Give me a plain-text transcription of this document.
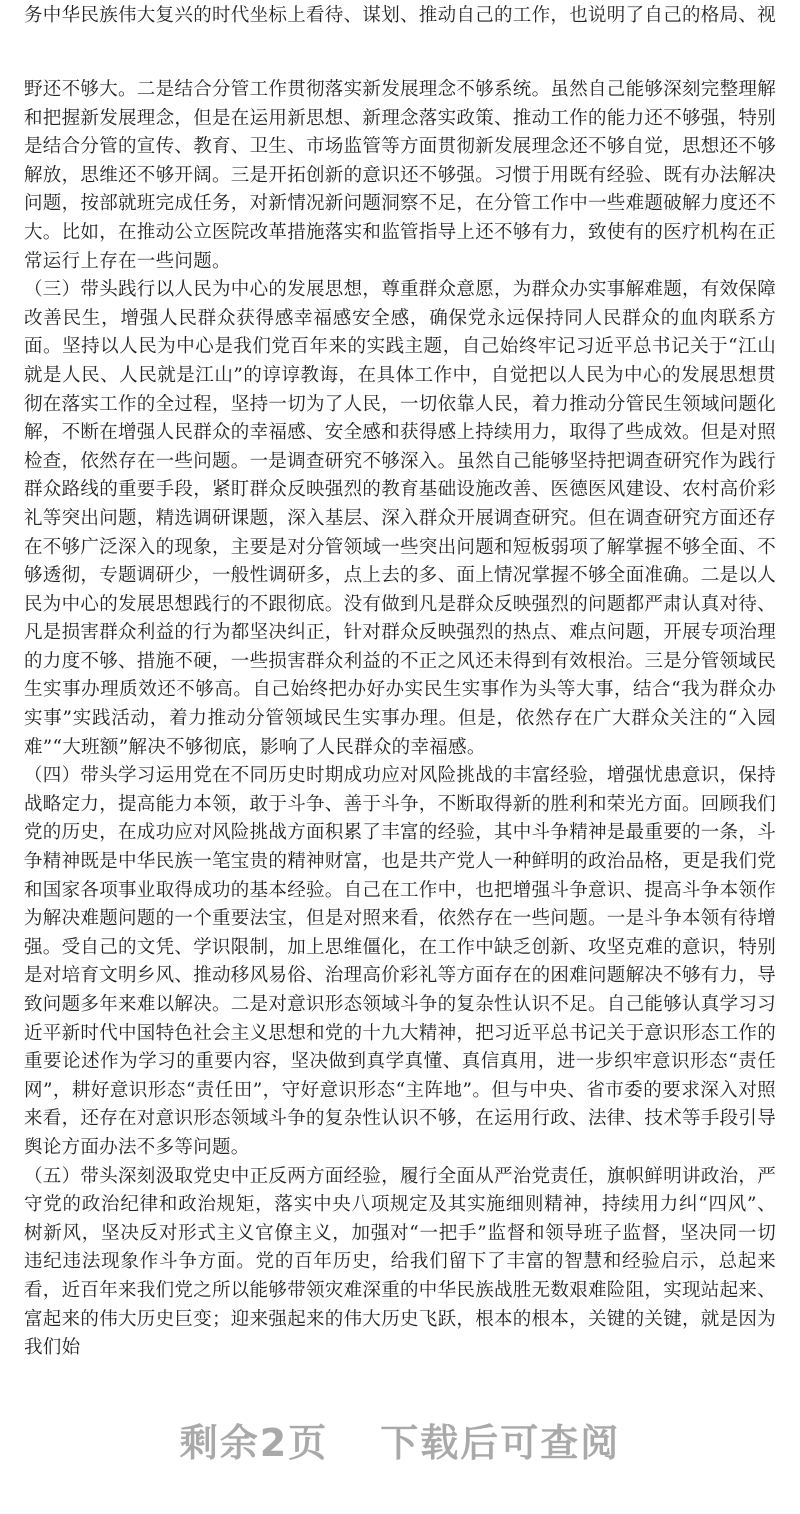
务中华民族伟大复兴的时代坐标上看待、谋划、推动自己的工作，也说明了自己的格局、视

野还不够大。二是结合分管工作贯彻落实新发展理念不够系统。虽然自己能够深刻完整理解和把握新发展理念，但是在运用新思想、新理念落实政策、推动工作的能力还不够强，特别是结合分管的宣传、教育、卫生、市场监管等方面贯彻新发展理念还不够自觉，思想还不够解放，思维还不够开阔。三是开拓创新的意识还不够强。习惯于用既有经验、既有办法解决问题，按部就班完成任务，对新情况新问题洞察不足，在分管工作中一些难题破解力度还不大。比如，在推动公立医院改革措施落实和监管指导上还不够有力，致使有的医疗机构在正常运行上存在一些问题。

（三）带头践行以人民为中心的发展思想，尊重群众意愿，为群众办实事解难题，有效保障改善民生，增强人民群众获得感幸福感安全感，确保党永远保持同人民群众的血肉联系方面。坚持以人民为中心是我们党百年来的实践主题，自己始终牢记习近平总书记关于“江山就是人民、人民就是江山”的谆谆教诲，在具体工作中，自觉把以人民为中心的发展思想贯彻在落实工作的全过程，坚持一切为了人民，一切依靠人民，着力推动分管民生领域问题化解，不断在增强人民群众的幸福感、安全感和获得感上持续用力，取得了些成效。但是对照检查，依然存在一些问题。一是调查研究不够深入。虽然自己能够坚持把调查研究作为践行群众路线的重要手段，紧盯群众反映强烈的教育基础设施改善、医德医风建设、农村高价彩礼等突出问题，精选调研课题，深入基层、深入群众开展调查研究。但在调查研究方面还存在不够广泛深入的现象，主要是对分管领域一些突出问题和短板弱项了解掌握不够全面、不够透彻，专题调研少，一般性调研多，点上去的多、面上情况掌握不够全面准确。二是以人民为中心的发展思想践行的不跟彻底。没有做到凡是群众反映强烈的问题都严肃认真对待、凡是损害群众利益的行为都坚决纠正，针对群众反映强烈的热点、难点问题，开展专项治理的力度不够、措施不硬，一些损害群众利益的不正之风还未得到有效根治。三是分管领域民生实事办理质效还不够高。自己始终把办好办实民生实事作为头等大事，结合“我为群众办实事”实践活动，着力推动分管领域民生实事办理。但是，依然存在广大群众关注的“入园难”“大班额”解决不够彻底，影响了人民群众的幸福感。

（四）带头学习运用党在不同历史时期成功应对风险挑战的丰富经验，增强忧患意识，保持战略定力，提高能力本领，敢于斗争、善于斗争，不断取得新的胜利和荣光方面。回顾我们党的历史，在成功应对风险挑战方面积累了丰富的经验，其中斗争精神是最重要的一条，斗争精神既是中华民族一笔宝贵的精神财富，也是共产党人一种鲜明的政治品格，更是我们党和国家各项事业取得成功的基本经验。自己在工作中，也把增强斗争意识、提高斗争本领作为解决难题问题的一个重要法宝，但是对照来看，依然存在一些问题。一是斗争本领有待增强。受自己的文凭、学识限制，加上思维僵化，在工作中缺乏创新、攻坚克难的意识，特别是对培育文明乡风、推动移风易俗、治理高价彩礼等方面存在的困难问题解决不够有力，导致问题多年来难以解决。二是对意识形态领域斗争的复杂性认识不足。自己能够认真学习习近平新时代中国特色社会主义思想和党的十九大精神，把习近平总书记关于意识形态工作的重要论述作为学习的重要内容，坚决做到真学真懂、真信真用，进一步织牢意识形态“责任网”，耕好意识形态“责任田”，守好意识形态“主阵地”。但与中央、省市委的要求深入对照来看，还存在对意识形态领域斗争的复杂性认识不够，在运用行政、法律、技术等手段引导舆论方面办法不多等问题。

（五）带头深刻汲取党史中正反两方面经验，履行全面从严治党责任，旗帜鲜明讲政治，严守党的政治纪律和政治规矩，落实中央八项规定及其实施细则精神，持续用力纠“四风”、树新风，坚决反对形式主义官僚主义，加强对“一把手”监督和领导班子监督，坚决同一切违纪违法现象作斗争方面。党的百年历史，给我们留下了丰富的智慧和经验启示，总起来看，近百年来我们党之所以能够带领灾难深重的中华民族战胜无数艰难险阻，实现站起来、富起来的伟大历史巨变；迎来强起来的伟大历史飞跃，根本的根本，关键的关键，就是因为我们始

剩余2页 下载后可查阅
